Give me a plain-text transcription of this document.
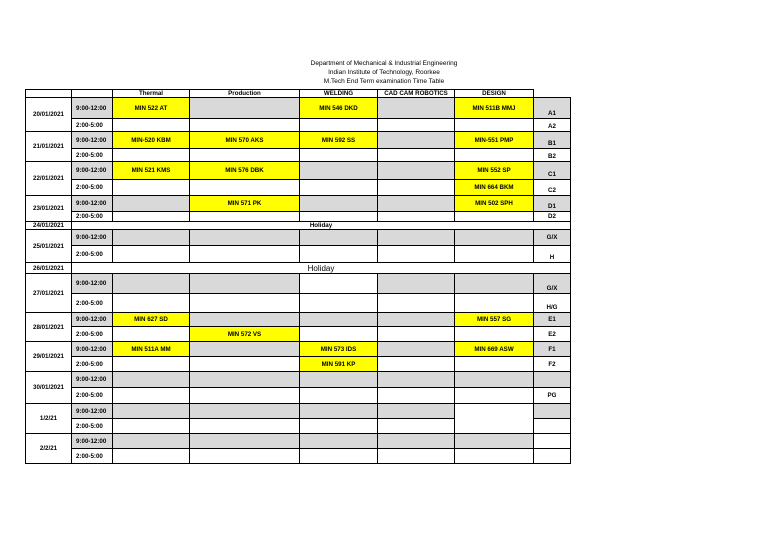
Department of Mechanical & Industrial Engineering
Indian Institute of Technology, Roorkee
M.Tech End Term examination Time Table
		Thermal	Production	WELDING	CAD CAM ROBOTICS	DESIGN	
20/01/2021	9:00-12:00	MIN 522 AT		MIN 546 DKD		MIN 511B MMJ	A1
	2:00-5:00						A2
21/01/2021	9:00-12:00	MIN-520 KBM	MIN 570 AKS	MIN 592 SS		MIN-551 PMP	B1
	2:00-5:00						B2
22/01/2021	9:00-12:00	MIN 521 KMS	MIN 576 DBK			MIN 552 SP	C1
	2:00-5:00					MIN 664 BKM	C2
23/01/2021	9:00-12:00		MIN 571 PK			MIN 502 SPH	D1
	2:00-5:00						D2
24/01/2021	Holiday						
25/01/2021	9:00-12:00						G/X
	2:00-5:00						H
26/01/2021	Holiday						
27/01/2021	9:00-12:00						G/X
	2:00-5:00						H/G
28/01/2021	9:00-12:00	MIN 627 SD				MIN 557 SG	E1
	2:00-5:00		MIN 572 VS				E2
29/01/2021	9:00-12:00	MIN 511A MM		MIN 573 IDS		MIN 669 ASW	F1
	2:00-5:00			MIN 591 KP			F2
30/01/2021	9:00-12:00						
	2:00-5:00						PG
1/2/21	9:00-12:00						
	2:00-5:00						
2/2/21	9:00-12:00						
	2:00-5:00						
